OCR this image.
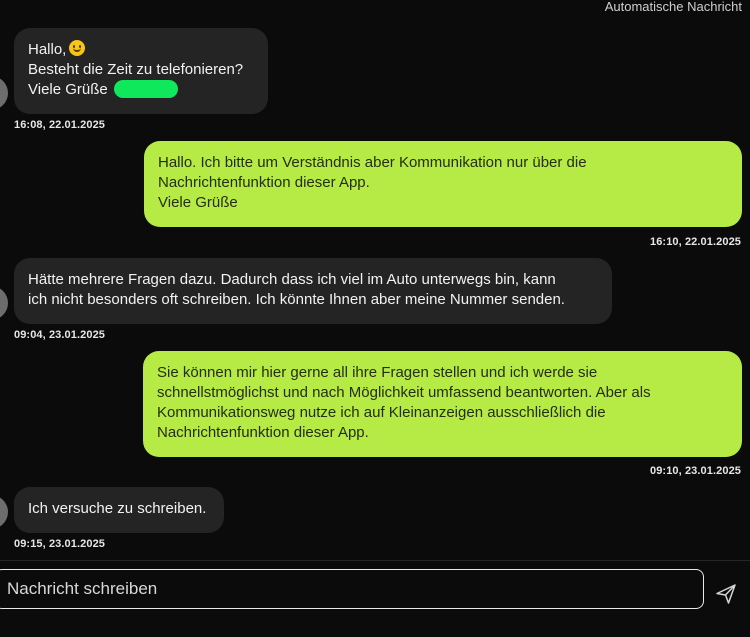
Automatische Nachricht
Hallo,
Besteht die Zeit zu telefonieren?
Viele Grüße
16:08, 22.01.2025
Hallo. Ich bitte um Verständnis aber Kommunikation nur über die
Nachrichtenfunktion dieser App.
Viele Grüße
16:10, 22.01.2025
Hätte mehrere Fragen dazu. Dadurch dass ich viel im Auto unterwegs bin, kann
ich nicht besonders oft schreiben. Ich könnte Ihnen aber meine Nummer senden.
09:04, 23.01.2025
Sie können mir hier gerne all ihre Fragen stellen und ich werde sie
schnellstmöglichst und nach Möglichkeit umfassend beantworten. Aber als
Kommunikationsweg nutze ich auf Kleinanzeigen ausschließlich die
Nachrichtenfunktion dieser App.
09:10, 23.01.2025
Ich versuche zu schreiben.
09:15, 23.01.2025
Nachricht schreiben
